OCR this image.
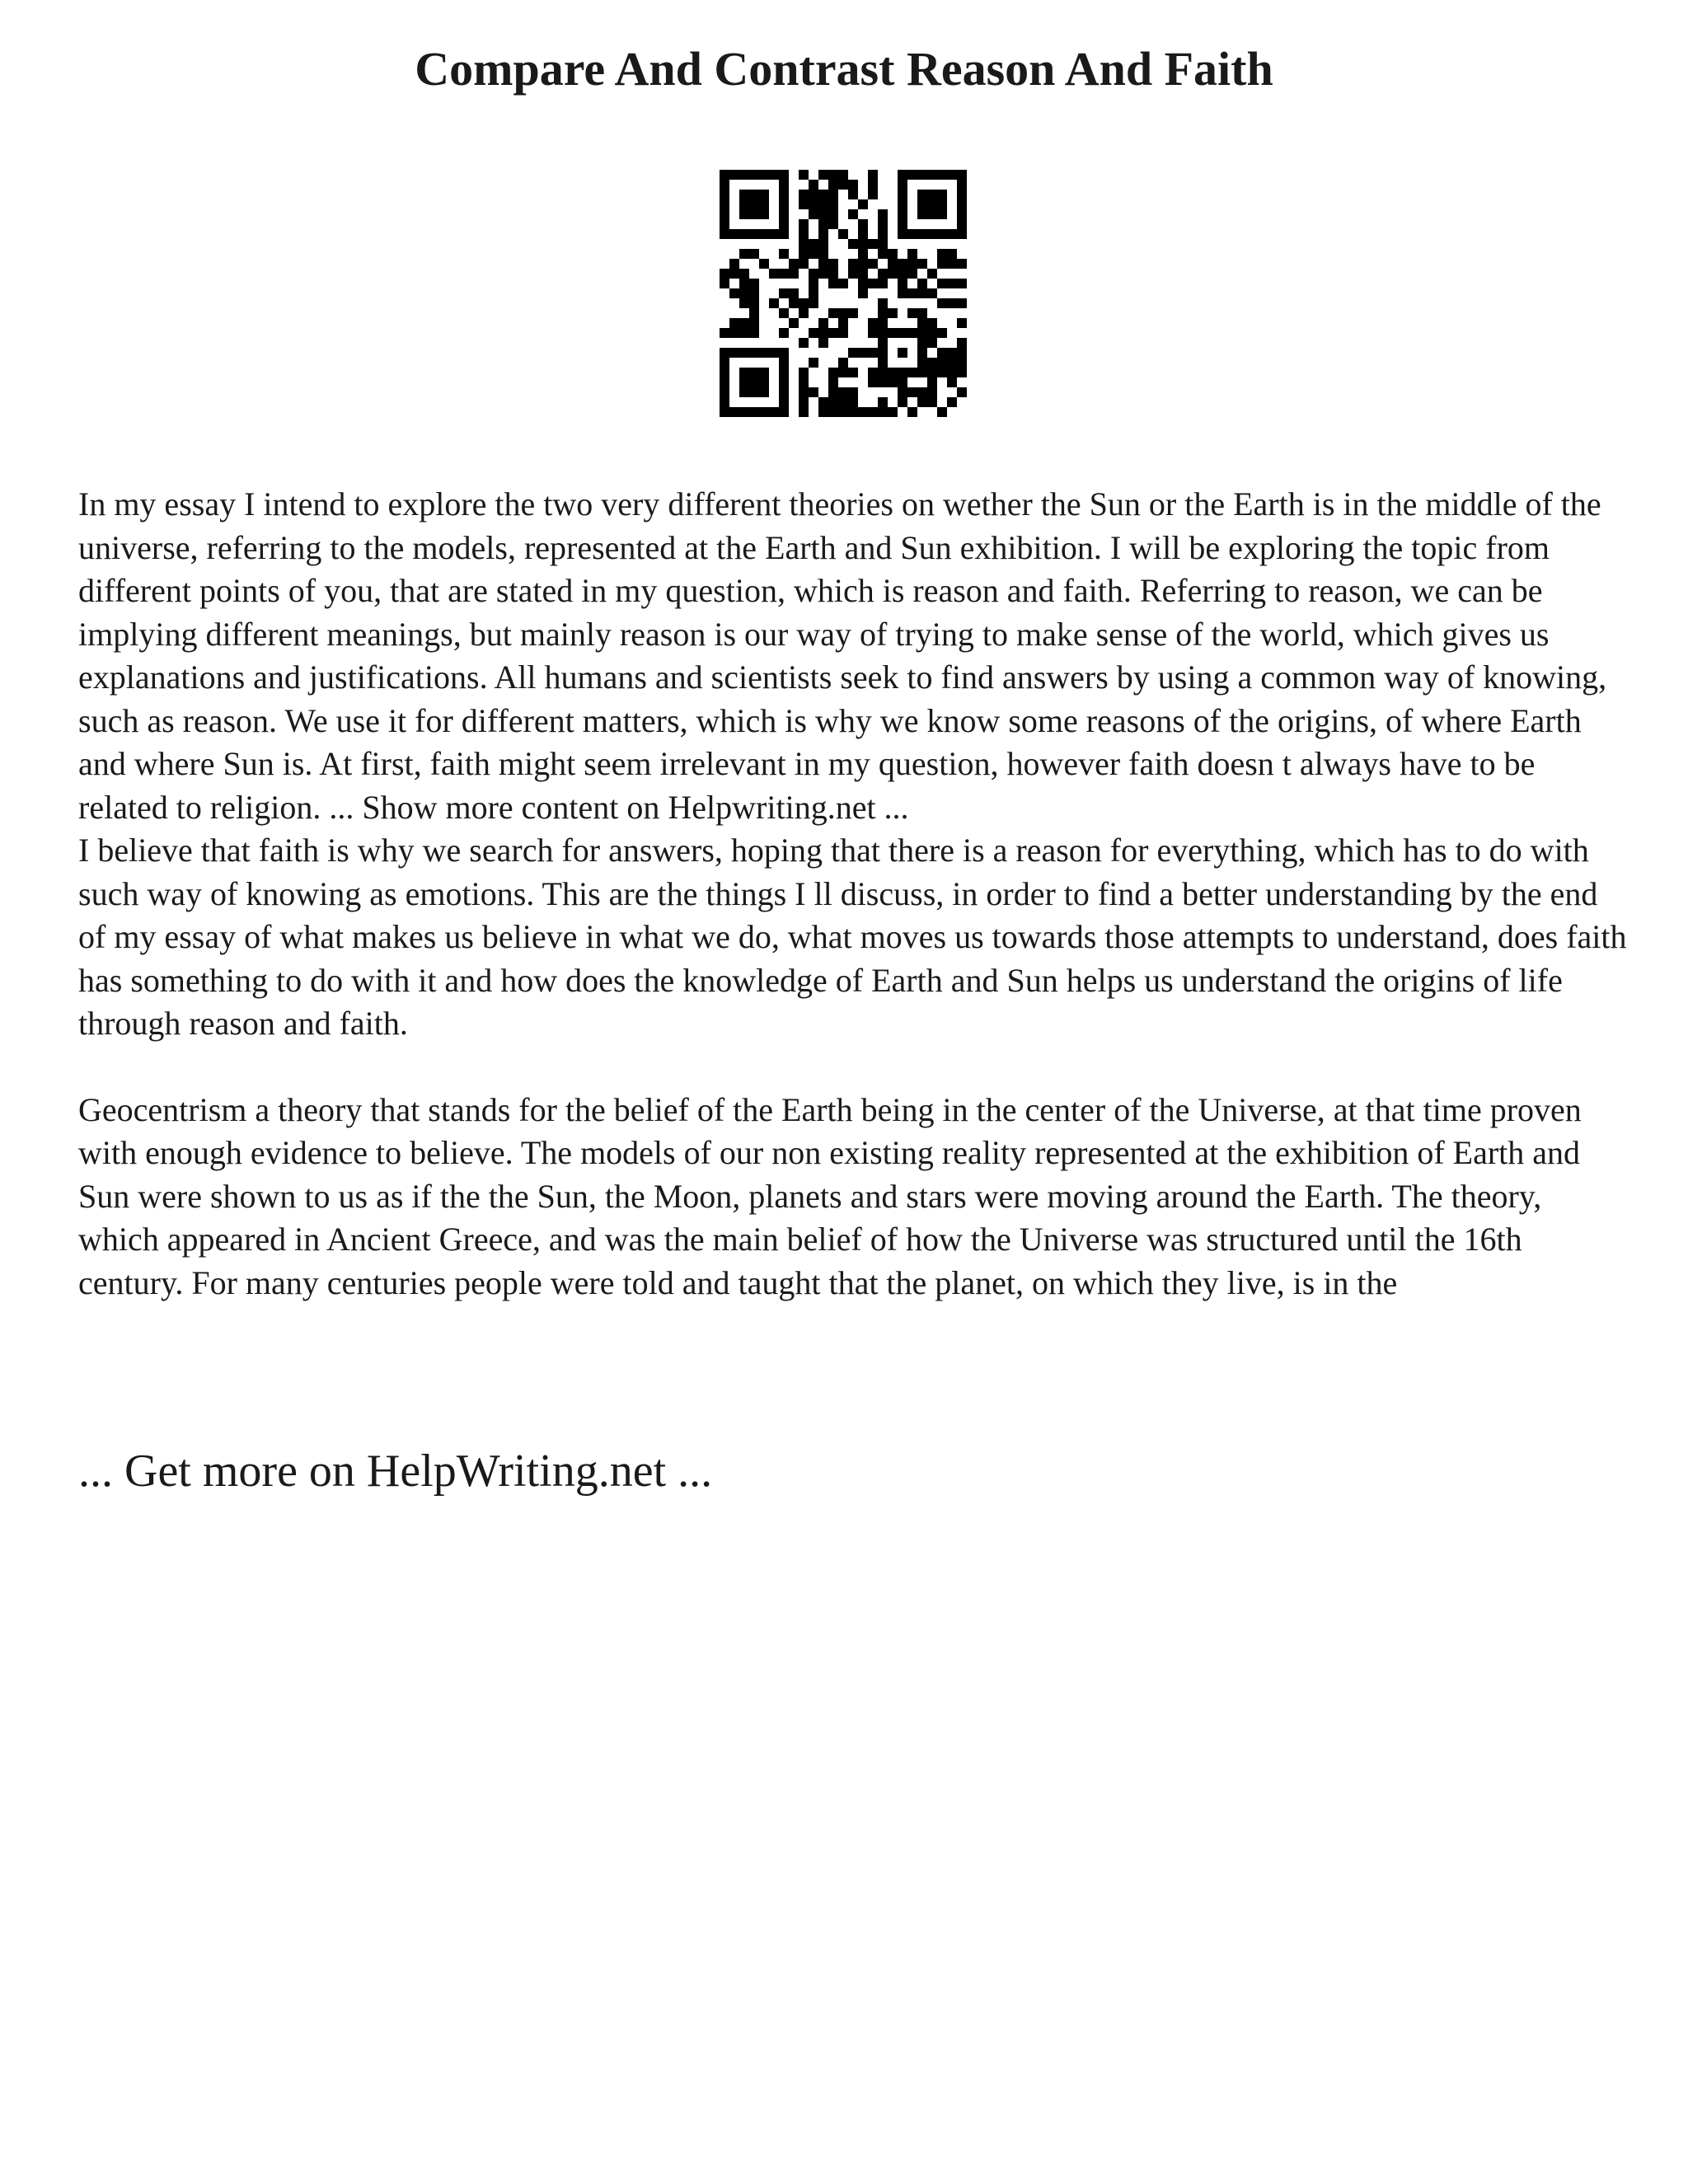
Compare And Contrast Reason And Faith

In my essay I intend to explore the two very different theories on wether the Sun or the Earth is in the middle of the universe, referring to the models, represented at the Earth and Sun exhibition. I will be exploring the topic from different points of you, that are stated in my question, which is reason and faith. Referring to reason, we can be implying different meanings, but mainly reason is our way of trying to make sense of the world, which gives us explanations and justifications. All humans and scientists seek to find answers by using a common way of knowing, such as reason. We use it for different matters, which is why we know some reasons of the origins, of where Earth and where Sun is. At first, faith might seem irrelevant in my question, however faith doesn t always have to be related to religion. ... Show more content on Helpwriting.net ...

I believe that faith is why we search for answers, hoping that there is a reason for everything, which has to do with such way of knowing as emotions. This are the things I ll discuss, in order to find a better understanding by the end of my essay of what makes us believe in what we do, what moves us towards those attempts to understand, does faith has something to do with it and how does the knowledge of Earth and Sun helps us understand the origins of life through reason and faith.

Geocentrism a theory that stands for the belief of the Earth being in the center of the Universe, at that time proven with enough evidence to believe. The models of our non existing reality represented at the exhibition of Earth and Sun were shown to us as if the the Sun, the Moon, planets and stars were moving around the Earth. The theory, which appeared in Ancient Greece, and was the main belief of how the Universe was structured until the 16th century. For many centuries people were told and taught that the planet, on which they live, is in the

... Get more on HelpWriting.net ...
